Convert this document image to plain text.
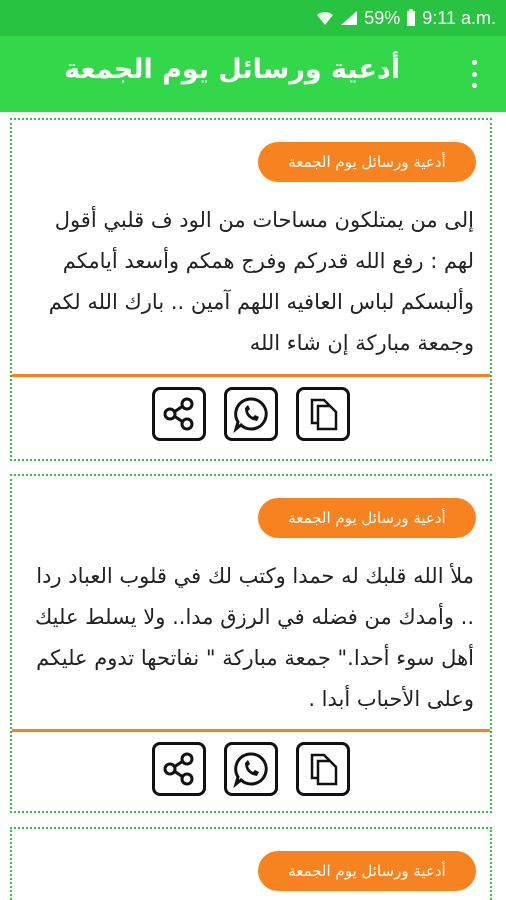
59% 9:11 a.m.
أدعية ورسائل يوم الجمعة
أدعية ورسائل يوم الجمعة
إلى من يمتلكون مساحات من الود ف قلبي أقول لهم : رفع الله قدركم وفرج همكم وأسعد أيامكم وألبسكم لباس العافيه اللهم آمين .. بارك الله لكم وجمعة مباركة إن شاء الله
أدعية ورسائل يوم الجمعة
ملأ الله قلبك له حمدا وكتب لك في قلوب العباد ردا .. وأمدك من فضله في الرزق مدا.. ولا يسلط عليك أهل سوء أحدا." جمعة مباركة " نفاتحها تدوم عليكم وعلى الأحباب أبدا .
أدعية ورسائل يوم الجمعة
